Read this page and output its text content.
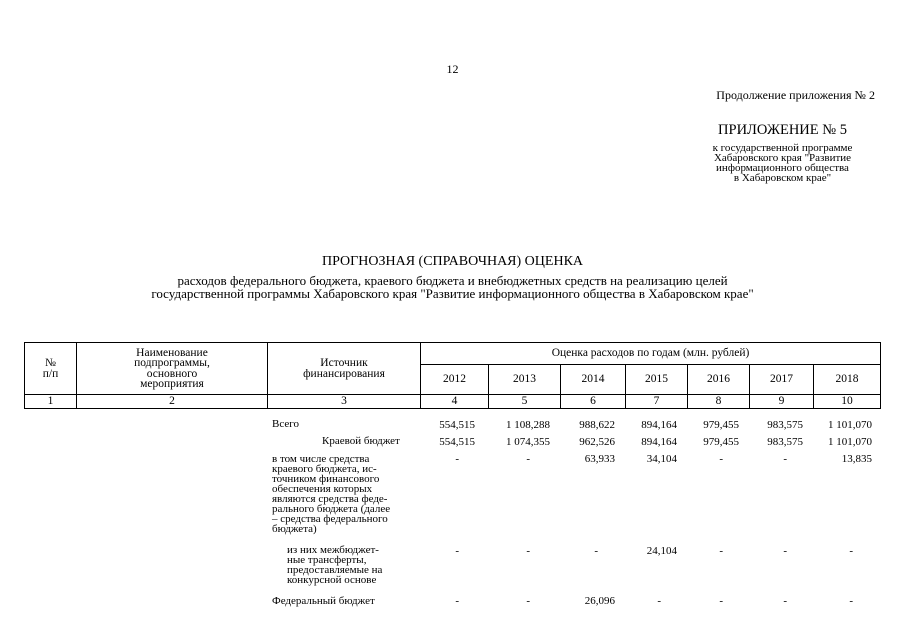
12
Продолжение приложения № 2
ПРИЛОЖЕНИЕ № 5
к государственной программе
Хабаровского края "Развитие
информационного общества
в Хабаровском крае"
ПРОГНОЗНАЯ (СПРАВОЧНАЯ) ОЦЕНКА
расходов федерального бюджета, краевого бюджета и внебюджетных средств на реализацию целей
государственной программы Хабаровского края "Развитие информационного общества в Хабаровском крае"
№
п/п	Наименование
подпрограммы,
основного
мероприятия	Источник
финансирования	Оценка расходов по годам (млн. рублей)						
			2012	2013	2014	2015	2016	2017	2018
1	2	3	4	5	6	7	8	9	10
Всего	554,515	1 108,288	988,622	894,164	979,455	983,575	1 101,070
Краевой бюджет	554,515	1 074,355	962,526	894,164	979,455	983,575	1 101,070
в том числе средства
краевого бюджета, ис-
точником финансового
обеспечения которых
являются средства феде-
рального бюджета (далее
– средства федерального
бюджета)
-	-	63,933	34,104	-	-	13,835
из них межбюджет-
ные трансферты,
предоставляемые на
конкурсной основе
-	-	-	24,104	-	-	-
Федеральный бюджет	-	-	26,096	-	-	-	-
